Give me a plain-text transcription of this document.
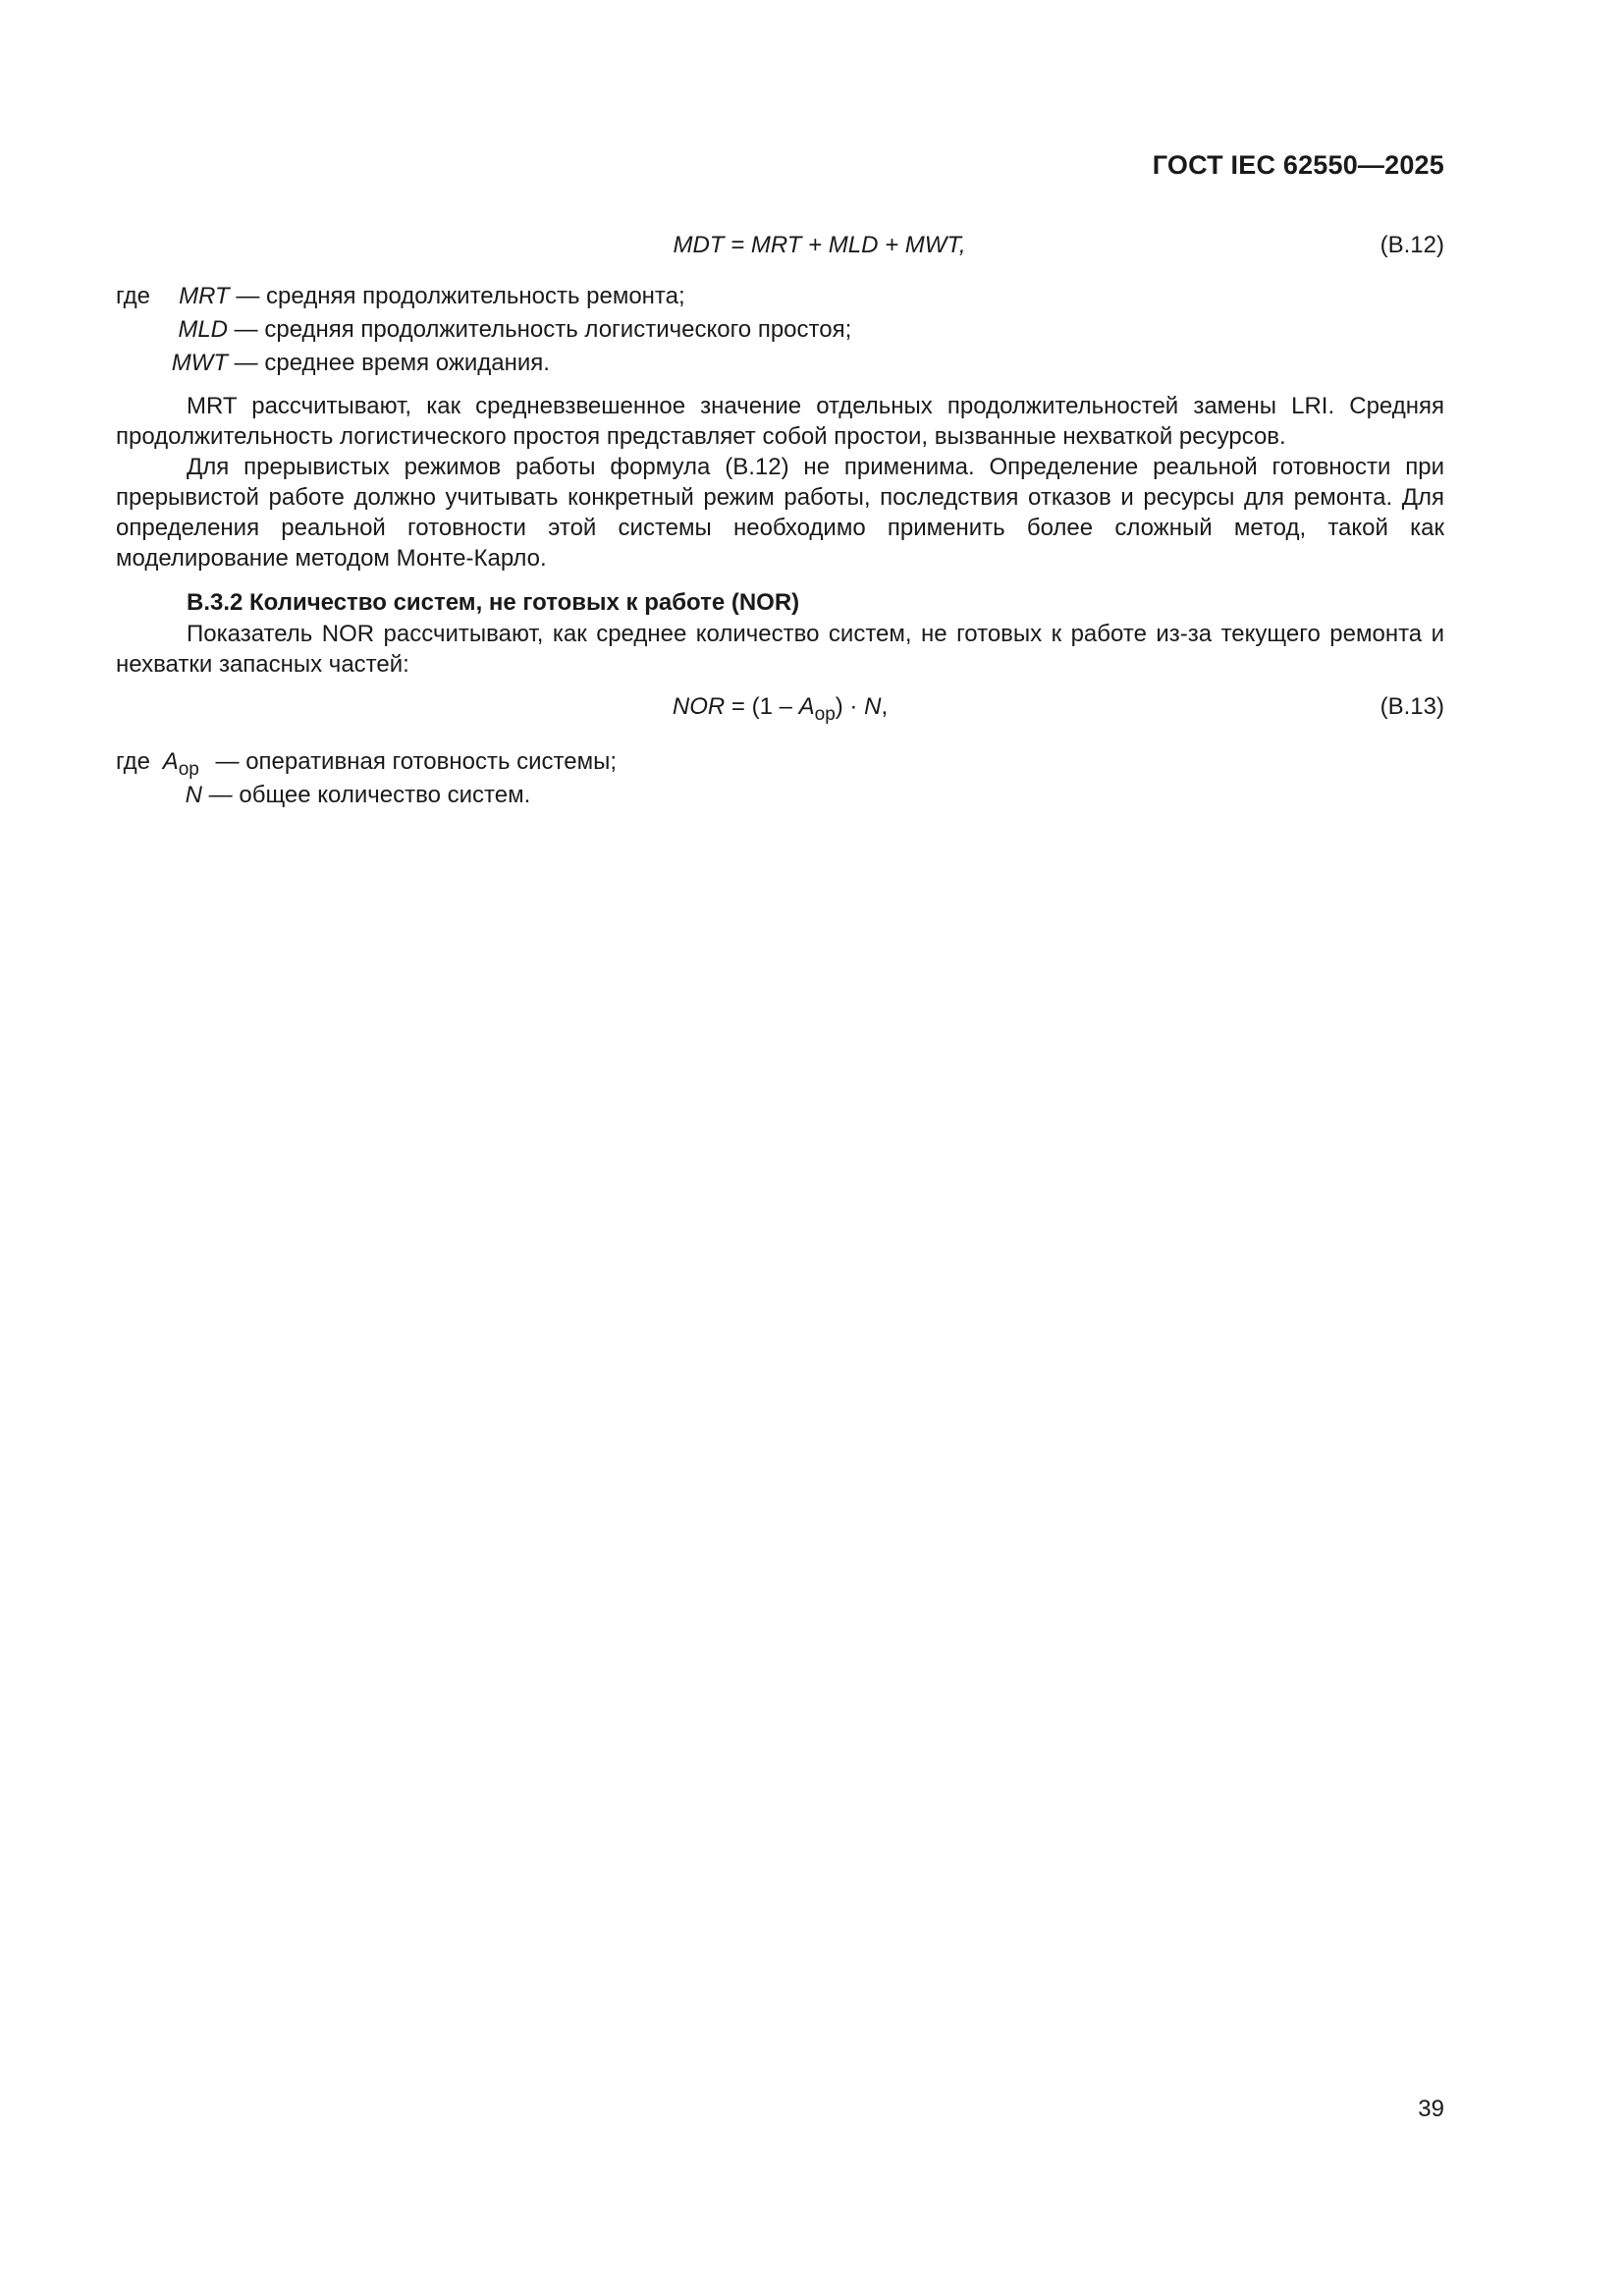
ГОСТ IEC 62550—2025
MDT = MRT + MLD + MWT,	(B.12)
где MRT — средняя продолжительность ремонта;
MLD — средняя продолжительность логистического простоя;
MWT — среднее время ожидания.

MRT рассчитывают, как средневзвешенное значение отдельных продолжительностей замены LRI. Средняя продолжительность логистического простоя представляет собой простои, вызванные нехваткой ресурсов.

Для прерывистых режимов работы формула (B.12) не применима. Определение реальной готовности при прерывистой работе должно учитывать конкретный режим работы, последствия отказов и ресурсы для ремонта. Для определения реальной готовности этой системы необходимо применить более сложный метод, такой как моделирование методом Монте-Карло.

B.3.2 Количество систем, не готовых к работе (NOR)

Показатель NOR рассчитывают, как среднее количество систем, не готовых к работе из-за текущего ремонта и нехватки запасных частей:

NOR = $(1 - A_{op}) \cdot N$,	(B.13)
где $A_{op}$ — оперативная готовность системы;
N — общее количество систем.
39
